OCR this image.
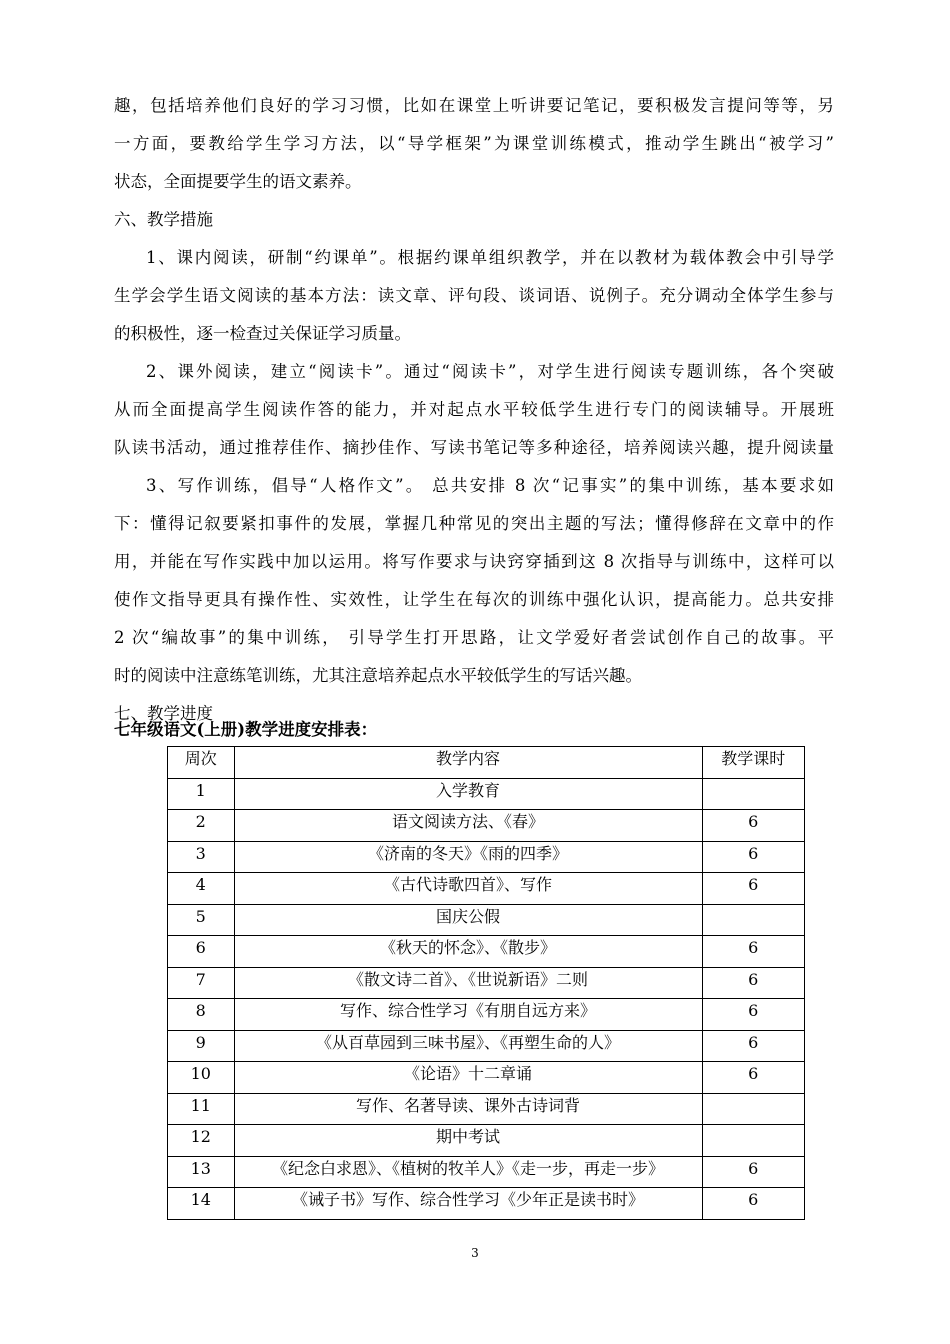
趣，包括培养他们良好的学习习惯，比如在课堂上听讲要记笔记，要积极发言提问等等，另
一方面，要教给学生学习方法，以“导学框架”为课堂训练模式，推动学生跳出“被学习”
状态，全面提要学生的语文素养。
六、教学措施
1、课内阅读，研制“约课单”。根据约课单组织教学，并在以教材为载体教会中引导学
生学会学生语文阅读的基本方法：读文章、评句段、谈词语、说例子。充分调动全体学生参与
的积极性，逐一检查过关保证学习质量。
2、课外阅读，建立“阅读卡”。通过“阅读卡”，对学生进行阅读专题训练，各个突破
从而全面提高学生阅读作答的能力，并对起点水平较低学生进行专门的阅读辅导。开展班
队读书活动，通过推荐佳作、摘抄佳作、写读书笔记等多种途径，培养阅读兴趣，提升阅读量
3、写作训练，倡导“人格作文”。 总共安排 8 次“记事实”的集中训练，基本要求如
下：懂得记叙要紧扣事件的发展，掌握几种常见的突出主题的写法；懂得修辞在文章中的作
用，并能在写作实践中加以运用。将写作要求与诀窍穿插到这 8 次指导与训练中，这样可以
使作文指导更具有操作性、实效性，让学生在每次的训练中强化认识，提高能力。总共安排
2 次“编故事”的集中训练， 引导学生打开思路，让文学爱好者尝试创作自己的故事。平
时的阅读中注意练笔训练，尤其注意培养起点水平较低学生的写话兴趣。
七、教学进度
七年级语文(上册)教学进度安排表：
周次	教学内容	教学课时
1	入学教育	
2	语文阅读方法、《春》	6
3	《济南的冬天》《雨的四季》	6
4	《古代诗歌四首》、写作	6
5	国庆公假	
6	《秋天的怀念》、《散步》	6
7	《散文诗二首》、《世说新语》二则	6
8	写作、综合性学习《有朋自远方来》	6
9	《从百草园到三味书屋》、《再塑生命的人》	6
10	《论语》十二章诵	6
11	写作、名著导读、课外古诗词背	
12	期中考试	
13	《纪念白求恩》、《植树的牧羊人》《走一步，再走一步》	6
14	《诫子书》写作、综合性学习《少年正是读书时》	6
3
